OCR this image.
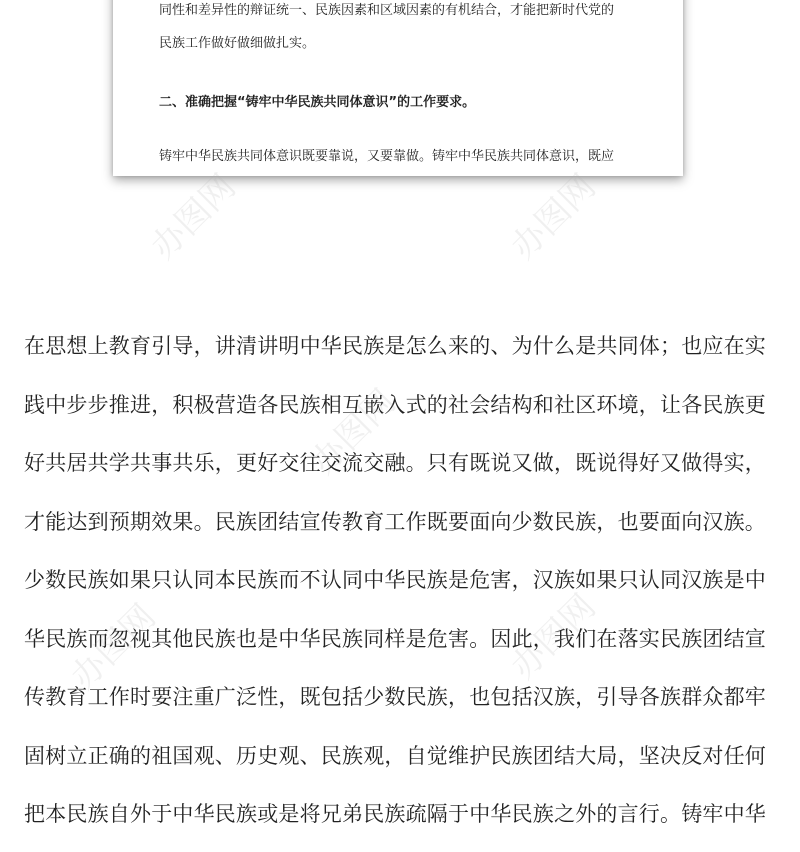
同性和差异性的辩证统一、民族因素和区域因素的有机结合，才能把新时代党的
民族工作做好做细做扎实。
二、准确把握“铸牢中华民族共同体意识”的工作要求。
铸牢中华民族共同体意识既要靠说，又要靠做。铸牢中华民族共同体意识，既应
在思想上教育引导，讲清讲明中华民族是怎么来的、为什么是共同体；也应在实
践中步步推进，积极营造各民族相互嵌入式的社会结构和社区环境，让各民族更
好共居共学共事共乐，更好交往交流交融。只有既说又做，既说得好又做得实，
才能达到预期效果。民族团结宣传教育工作既要面向少数民族，也要面向汉族。
少数民族如果只认同本民族而不认同中华民族是危害，汉族如果只认同汉族是中
华民族而忽视其他民族也是中华民族同样是危害。因此，我们在落实民族团结宣
传教育工作时要注重广泛性，既包括少数民族，也包括汉族，引导各族群众都牢
固树立正确的祖国观、历史观、民族观，自觉维护民族团结大局，坚决反对任何
把本民族自外于中华民族或是将兄弟民族疏隔于中华民族之外的言行。铸牢中华
办图网	办图网
办图网
办图网	办图网
